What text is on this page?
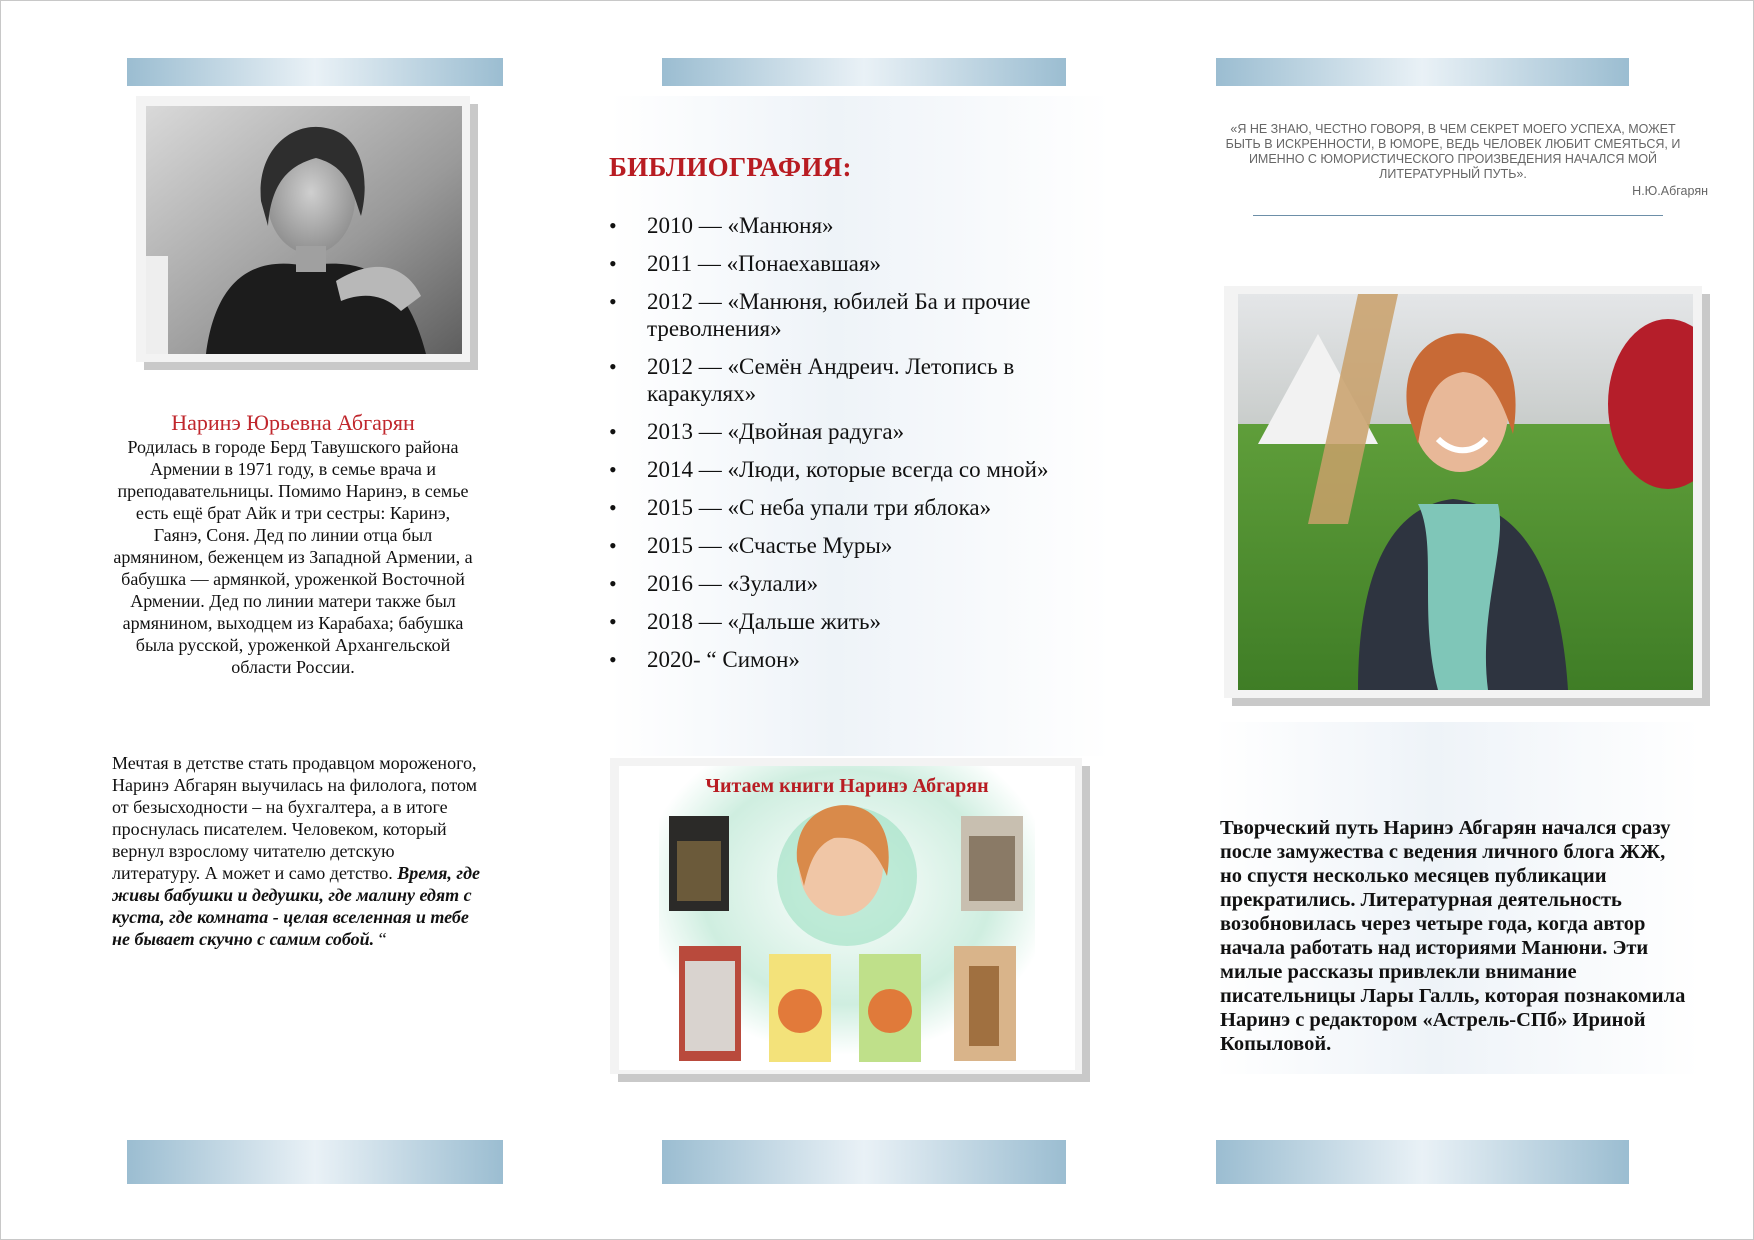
Наринэ Юрьевна Абгарян
Родилась в городе Берд Тавушского района Армении в 1971 году, в семье врача и преподавательницы. Помимо Наринэ, в семье есть ещё брат Айк и три сестры: Каринэ, Гаянэ, Соня. Дед по линии отца был армянином, беженцем из Западной Армении, а бабушка — армянкой, уроженкой Восточной Армении. Дед по линии матери также был армянином, выходцем из Карабаха; бабушка была русской, уроженкой Архангельской области России.
Мечтая в детстве стать продавцом мороженого, Наринэ Абгарян выучилась на филолога, потом от безысходности – на бухгалтера, а в итоге проснулась писателем. Человеком, который вернул взрослому читателю детскую литературу. А может и само детство. Время, где живы бабушки и дедушки, где малину едят с куста, где комната - целая вселенная и тебе не бывает скучно с самим собой. “
БИБЛИОГРАФИЯ:
• 2010 — «Манюня»
• 2011 — «Понаехавшая»
• 2012 — «Манюня, юбилей Ба и прочие треволнения»
• 2012 — «Семён Андреич. Летопись в каракулях»
• 2013 — «Двойная радуга»
• 2014 — «Люди, которые всегда со мной»
• 2015 — «С неба упали три яблока»
• 2015 — «Счастье Муры»
• 2016 — «Зулали»
• 2018 — «Дальше жить»
• 2020- “ Симон»
Читаем книги Наринэ Абгарян
«Я НЕ ЗНАЮ, ЧЕСТНО ГОВОРЯ, В ЧЕМ СЕКРЕТ МОЕГО УСПЕХА, МОЖЕТ БЫТЬ В ИСКРЕННОСТИ, В ЮМОРЕ, ВЕДЬ ЧЕЛОВЕК ЛЮБИТ СМЕЯТЬСЯ, И ИМЕННО С ЮМОРИСТИЧЕСКОГО ПРОИЗВЕДЕНИЯ НАЧАЛСЯ МОЙ ЛИТЕРАТУРНЫЙ ПУТЬ».
Н.Ю.Абгарян
Творческий путь Наринэ Абгарян начался сразу после замужества с ведения личного блога ЖЖ, но спустя несколько месяцев публикации прекратились. Литературная деятельность возобновилась через четыре года, когда автор начала работать над историями Манюни. Эти милые рассказы привлекли внимание писательницы Лары Галль, которая познакомила Наринэ с редактором «Астрель-СПб» Ириной Копыловой.
